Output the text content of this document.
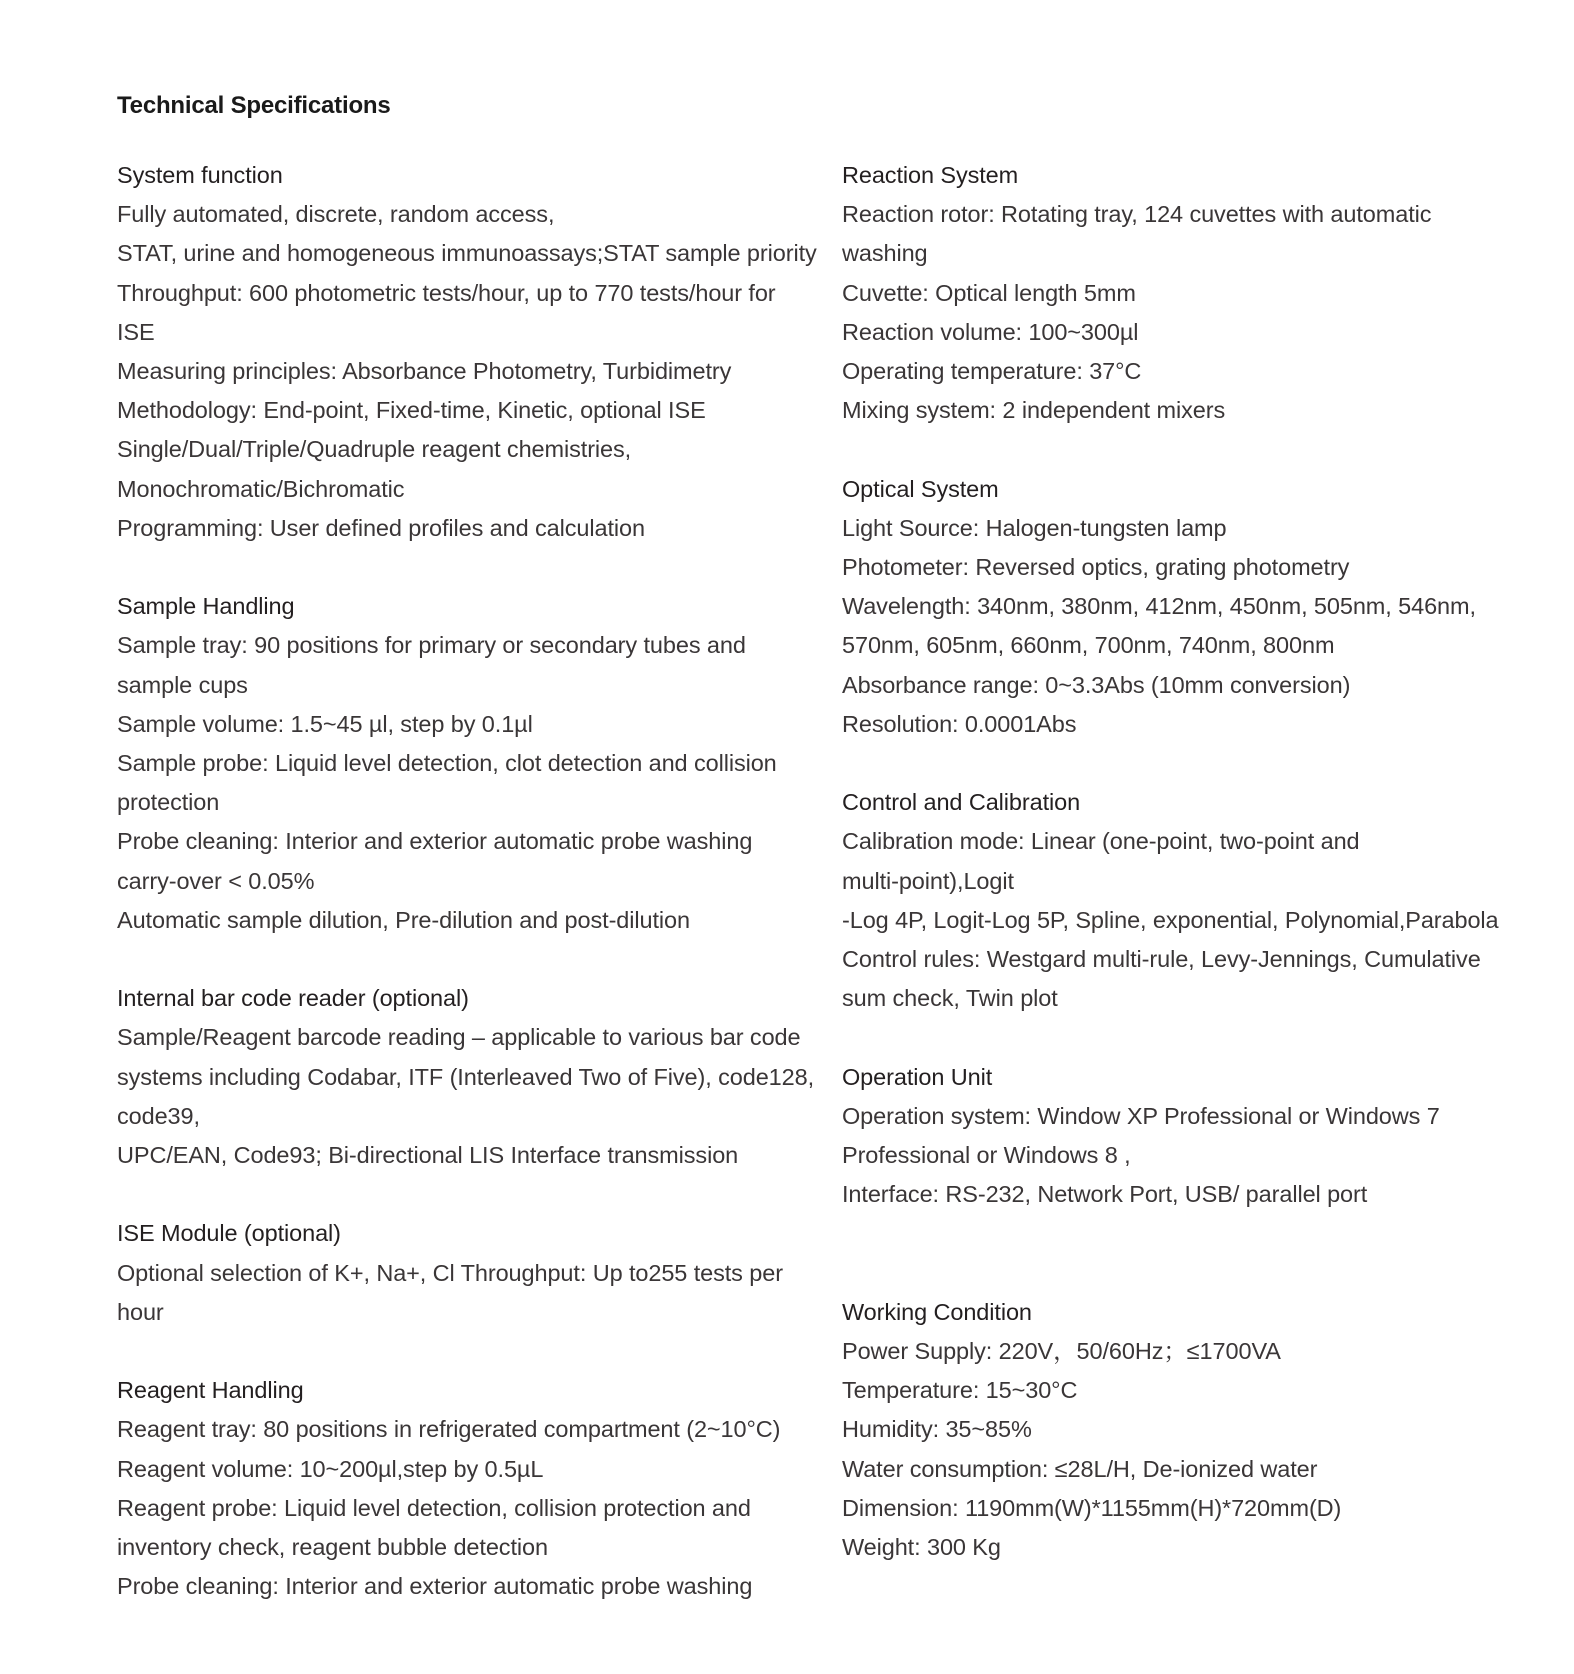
Technical Specifications
System function
Fully automated, discrete, random access,
STAT, urine and homogeneous immunoassays;STAT sample priority
Throughput: 600 photometric tests/hour, up to 770 tests/hour for
ISE
Measuring principles: Absorbance Photometry, Turbidimetry
Methodology: End-point, Fixed-time, Kinetic, optional ISE
Single/Dual/Triple/Quadruple reagent chemistries,
Monochromatic/Bichromatic
Programming: User defined profiles and calculation
Sample Handling
Sample tray: 90 positions for primary or secondary tubes and
sample cups
Sample volume: 1.5~45 µl, step by 0.1µl
Sample probe: Liquid level detection, clot detection and collision
protection
Probe cleaning: Interior and exterior automatic probe washing
carry-over < 0.05%
Automatic sample dilution, Pre-dilution and post-dilution
Internal bar code reader (optional)
Sample/Reagent barcode reading – applicable to various bar code
systems including Codabar, ITF (Interleaved Two of Five), code128,
code39,
UPC/EAN, Code93; Bi-directional LIS Interface transmission
ISE Module (optional)
Optional selection of K+, Na+, Cl Throughput: Up to255 tests per
hour
Reagent Handling
Reagent tray: 80 positions in refrigerated compartment (2~10°C)
Reagent volume: 10~200µl,step by 0.5µL
Reagent probe: Liquid level detection, collision protection and
inventory check, reagent bubble detection
Probe cleaning: Interior and exterior automatic probe washing
Reaction System
Reaction rotor: Rotating tray, 124 cuvettes with automatic
washing
Cuvette: Optical length 5mm
Reaction volume: 100~300µl
Operating temperature: 37°C
Mixing system: 2 independent mixers
Optical System
Light Source: Halogen-tungsten lamp
Photometer: Reversed optics, grating photometry
Wavelength: 340nm, 380nm, 412nm, 450nm, 505nm, 546nm,
570nm, 605nm, 660nm, 700nm, 740nm, 800nm
Absorbance range: 0~3.3Abs (10mm conversion)
Resolution: 0.0001Abs
Control and Calibration
Calibration mode: Linear (one-point, two-point and
multi-point),Logit
-Log 4P, Logit-Log 5P, Spline, exponential, Polynomial,Parabola
Control rules: Westgard multi-rule, Levy-Jennings, Cumulative
sum check, Twin plot
Operation Unit
Operation system: Window XP Professional or Windows 7
Professional or Windows 8 ,
Interface: RS-232, Network Port, USB/ parallel port
Working Condition
Power Supply: 220V，50/60Hz；≤1700VA
Temperature: 15~30°C
Humidity: 35~85%
Water consumption: ≤28L/H, De-ionized water
Dimension: 1190mm(W)*1155mm(H)*720mm(D)
Weight: 300 Kg
